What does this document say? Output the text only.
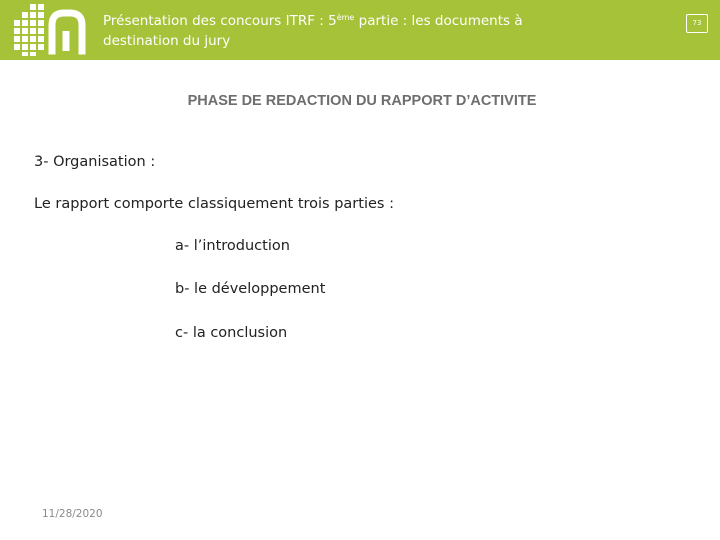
Présentation des concours ITRF : 5ème partie : les documents à destination du jury
73
PHASE DE REDACTION DU RAPPORT D’ACTIVITE
3- Organisation :
Le rapport comporte classiquement trois parties :
a- l’introduction
b- le développement
c- la conclusion
11/28/2020
